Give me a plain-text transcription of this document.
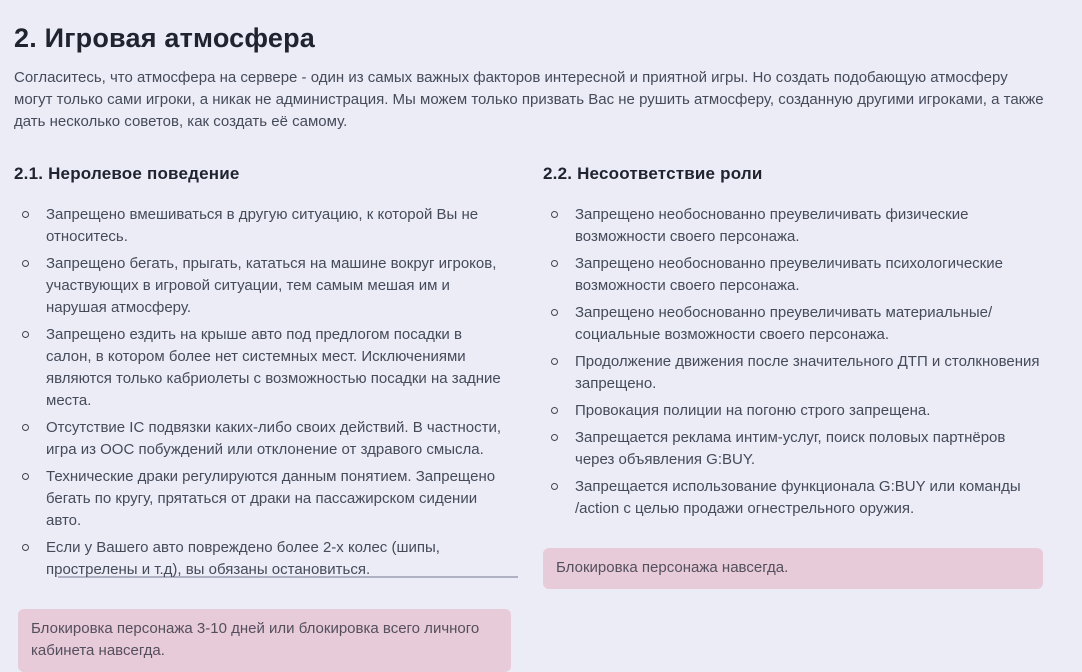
2. Игровая атмосфера

Согласитесь, что атмосфера на сервере - один из самых важных факторов интересной и приятной игры. Но создать подобающую атмосферу могут только сами игроки, а никак не администрация. Мы можем только призвать Вас не рушить атмосферу, созданную другими игроками, а также дать несколько советов, как создать её самому.

2.1. Неролевое поведение
Запрещено вмешиваться в другую ситуацию, к которой Вы не относитесь.
Запрещено бегать, прыгать, кататься на машине вокруг игроков, участвующих в игровой ситуации, тем самым мешая им и нарушая атмосферу.
Запрещено ездить на крыше авто под предлогом посадки в салон, в котором более нет системных мест. Исключениями являются только кабриолеты с возможностью посадки на задние места.
Отсутствие IC подвязки каких-либо своих действий. В частности, игра из OOC побуждений или отклонение от здравого смысла.
Технические драки регулируются данным понятием. Запрещено бегать по кругу, прятаться от драки на пассажирском сидении авто.
Если у Вашего авто повреждено более 2-х колес (шипы, прострелены и т.д), вы обязаны остановиться.
Блокировка персонажа 3-10 дней или блокировка всего личного кабинета навсегда.
2.2. Несоответствие роли
Запрещено необоснованно преувеличивать физические возможности своего персонажа.
Запрещено необоснованно преувеличивать психологические возможности своего персонажа.
Запрещено необоснованно преувеличивать материальные/социальные возможности своего персонажа.
Продолжение движения после значительного ДТП и столкновения запрещено.
Провокация полиции на погоню строго запрещена.
Запрещается реклама интим-услуг, поиск половых партнёров через объявления G:BUY.
Запрещается использование функционала G:BUY или команды /action с целью продажи огнестрельного оружия.
Блокировка персонажа навсегда.
